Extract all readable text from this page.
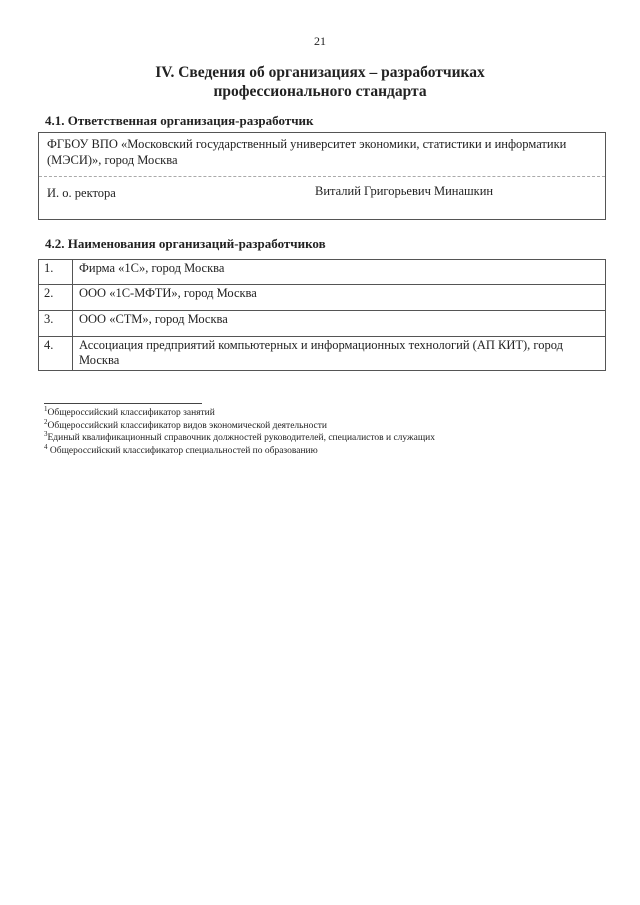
21
IV. Сведения об организациях – разработчиках
профессионального стандарта
4.1. Ответственная организация-разработчик
ФГБОУ ВПО «Московский государственный университет экономики, статистики и информатики (МЭСИ)», город Москва
И. о. ректора	Виталий Григорьевич Минашкин
4.2. Наименования организаций-разработчиков
1.	Фирма «1С», город Москва
2.	ООО «1С-МФТИ», город Москва
3.	ООО «СТМ», город Москва
4.	Ассоциация предприятий компьютерных и информационных технологий (АП КИТ), город Москва
$^1$Общероссийский классификатор занятий
$^2$Общероссийский классификатор видов экономической деятельности
$^3$Единый квалификационный справочник должностей руководителей, специалистов и служащих
$^4$ Общероссийский классификатор специальностей по образованию
